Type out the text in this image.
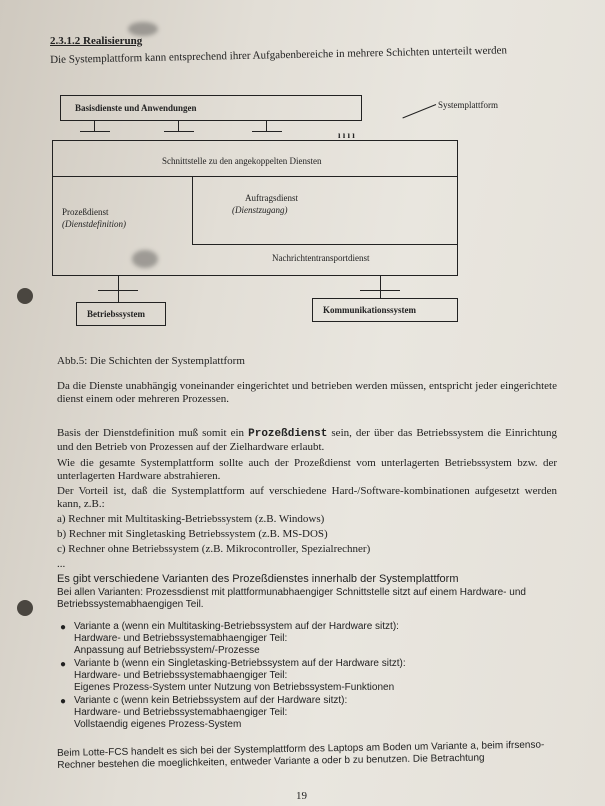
2.3.1.2 Realisierung
Die Systemplattform kann entsprechend ihrer Aufgabenbereiche in mehrere Schichten unterteilt werden
Basisdienste und Anwendungen	Systemplattform
ı ı ı ı
Schnittstelle zu den angekoppelten Diensten
Prozeßdienst
(Dienstdefinition)
Auftragsdienst
(Dienstzugang)
Nachrichtentransportdienst
Betriebssystem	Kommunikationssystem
Abb.5: Die Schichten der Systemplattform
Da die Dienste unabhängig voneinander eingerichtet und betrieben werden müssen, entspricht jeder eingerichtete dienst einem oder mehreren Prozessen.
Basis der Dienstdefinition muß somit ein Prozeßdienst sein, der über das Betriebssystem die Einrichtung und den Betrieb von Prozessen auf der Zielhardware erlaubt.
Wie die gesamte Systemplattform sollte auch der Prozeßdienst vom unterlagerten Betriebssystem bzw. der unterlagerten Hardware abstrahieren.
Der Vorteil ist, daß die Systemplattform auf verschiedene Hard-/Software-kombinationen aufgesetzt werden kann, z.B.:
a) Rechner mit Multitasking-Betriebssystem (z.B. Windows)
b) Rechner mit Singletasking Betriebssystem (z.B. MS-DOS)
c) Rechner ohne Betriebssystem (z.B. Mikrocontroller, Spezialrechner)
...
Es gibt verschiedene Varianten des Prozeßdienstes innerhalb der Systemplattform
Bei allen Varianten: Prozessdienst mit plattformunabhaengiger Schnittstelle sitzt auf einem Hardware- und Betriebssystemabhaengigen Teil.
● Variante a (wenn ein Multitasking-Betriebssystem auf der Hardware sitzt):
Hardware- und Betriebssystemabhaengiger Teil:
Anpassung auf Betriebssystem/-Prozesse
● Variante b (wenn ein Singletasking-Betriebssystem auf der Hardware sitzt):
Hardware- und Betriebssystemabhaengiger Teil:
Eigenes Prozess-System unter Nutzung von Betriebssystem-Funktionen
● Variante c (wenn kein Betriebssystem auf der Hardware sitzt):
Hardware- und Betriebssystemabhaengiger Teil:
Vollstaendig eigenes Prozess-System
Beim Lotte-FCS handelt es sich bei der Systemplattform des Laptops am Boden um Variante a, beim ifrsenso-Rechner bestehen die moeglichkeiten, entweder Variante a oder b zu benutzen. Die Betrachtung
19
